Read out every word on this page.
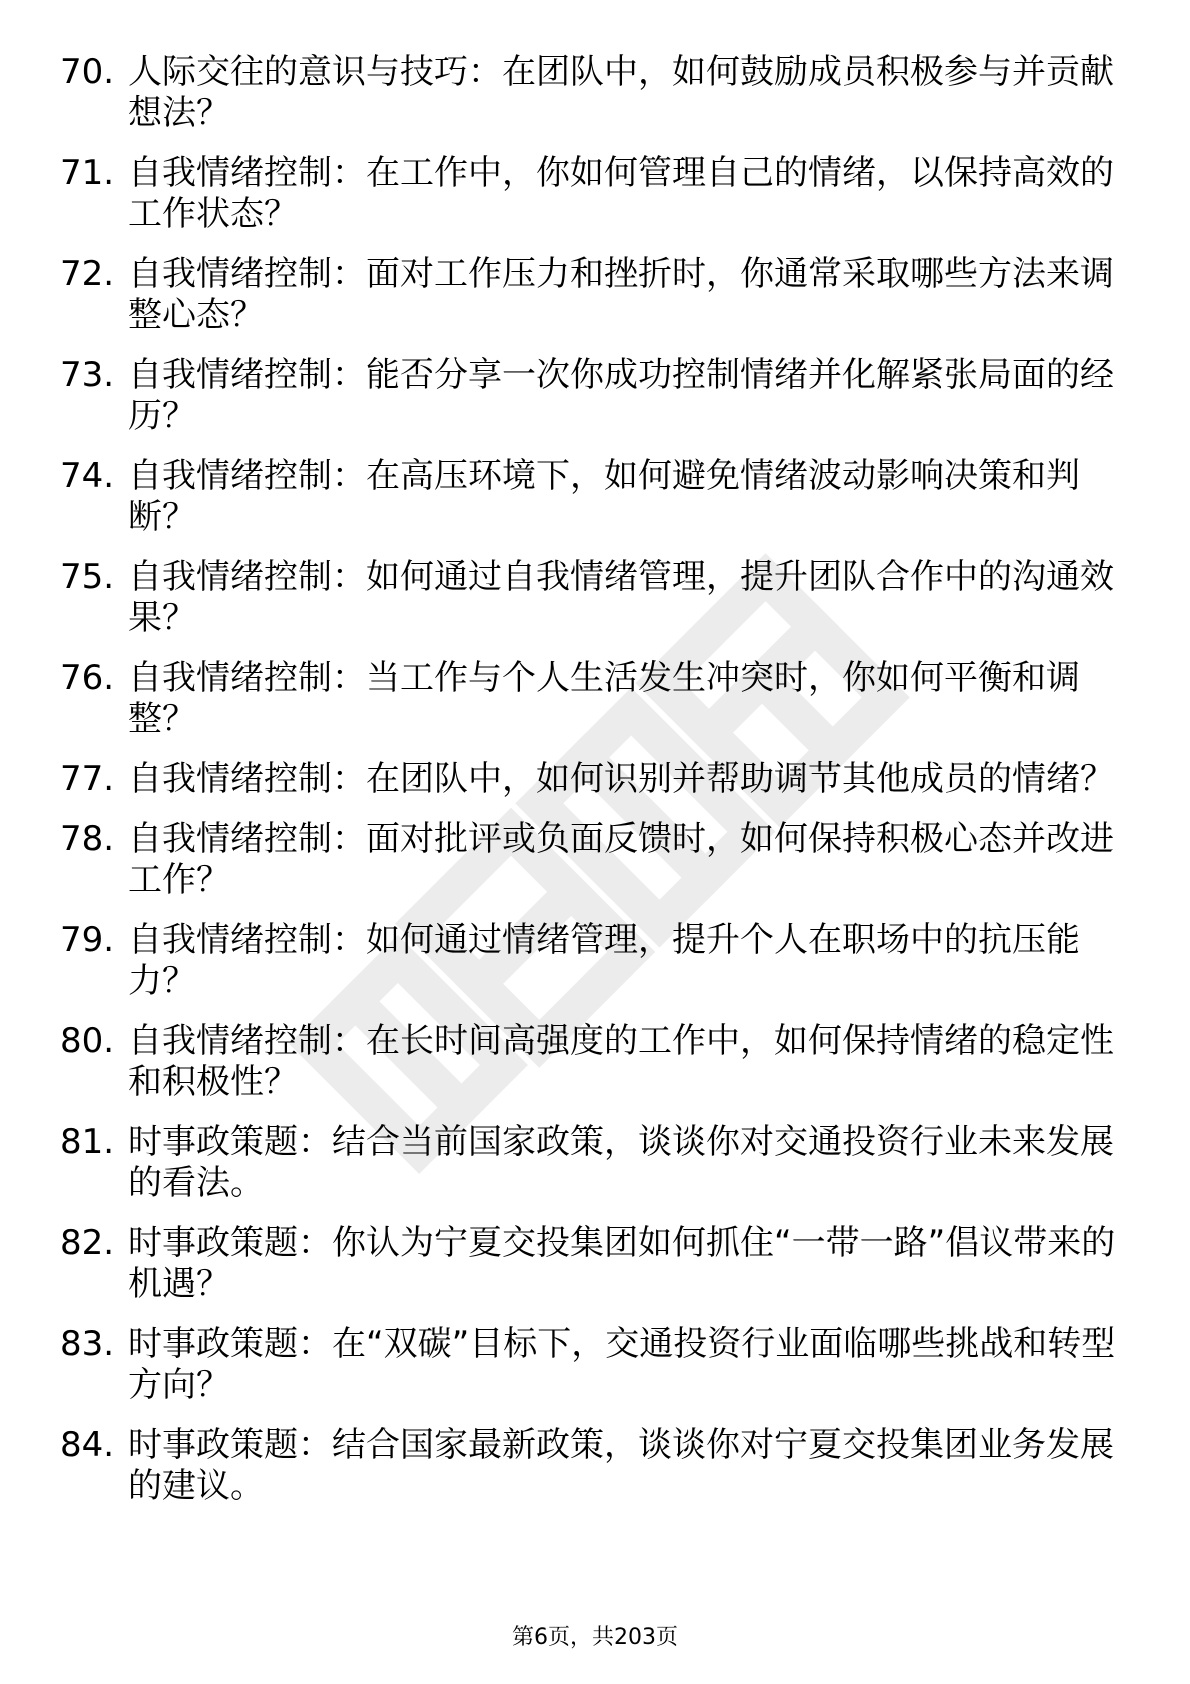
70. 人际交往的意识与技巧：在团队中，如何鼓励成员积极参与并贡献想法？
71. 自我情绪控制：在工作中，你如何管理自己的情绪，以保持高效的工作状态？
72. 自我情绪控制：面对工作压力和挫折时，你通常采取哪些方法来调整心态？
73. 自我情绪控制：能否分享一次你成功控制情绪并化解紧张局面的经历？
74. 自我情绪控制：在高压环境下，如何避免情绪波动影响决策和判断？
75. 自我情绪控制：如何通过自我情绪管理，提升团队合作中的沟通效果？
76. 自我情绪控制：当工作与个人生活发生冲突时，你如何平衡和调整？
77. 自我情绪控制：在团队中，如何识别并帮助调节其他成员的情绪？
78. 自我情绪控制：面对批评或负面反馈时，如何保持积极心态并改进工作？
79. 自我情绪控制：如何通过情绪管理，提升个人在职场中的抗压能力？
80. 自我情绪控制：在长时间高强度的工作中，如何保持情绪的稳定性和积极性？
81. 时事政策题：结合当前国家政策，谈谈你对交通投资行业未来发展的看法。
82. 时事政策题：你认为宁夏交投集团如何抓住“一带一路”倡议带来的机遇？
83. 时事政策题：在“双碳”目标下，交通投资行业面临哪些挑战和转型方向？
84. 时事政策题：结合国家最新政策，谈谈你对宁夏交投集团业务发展的建议。
第6页，共203页
